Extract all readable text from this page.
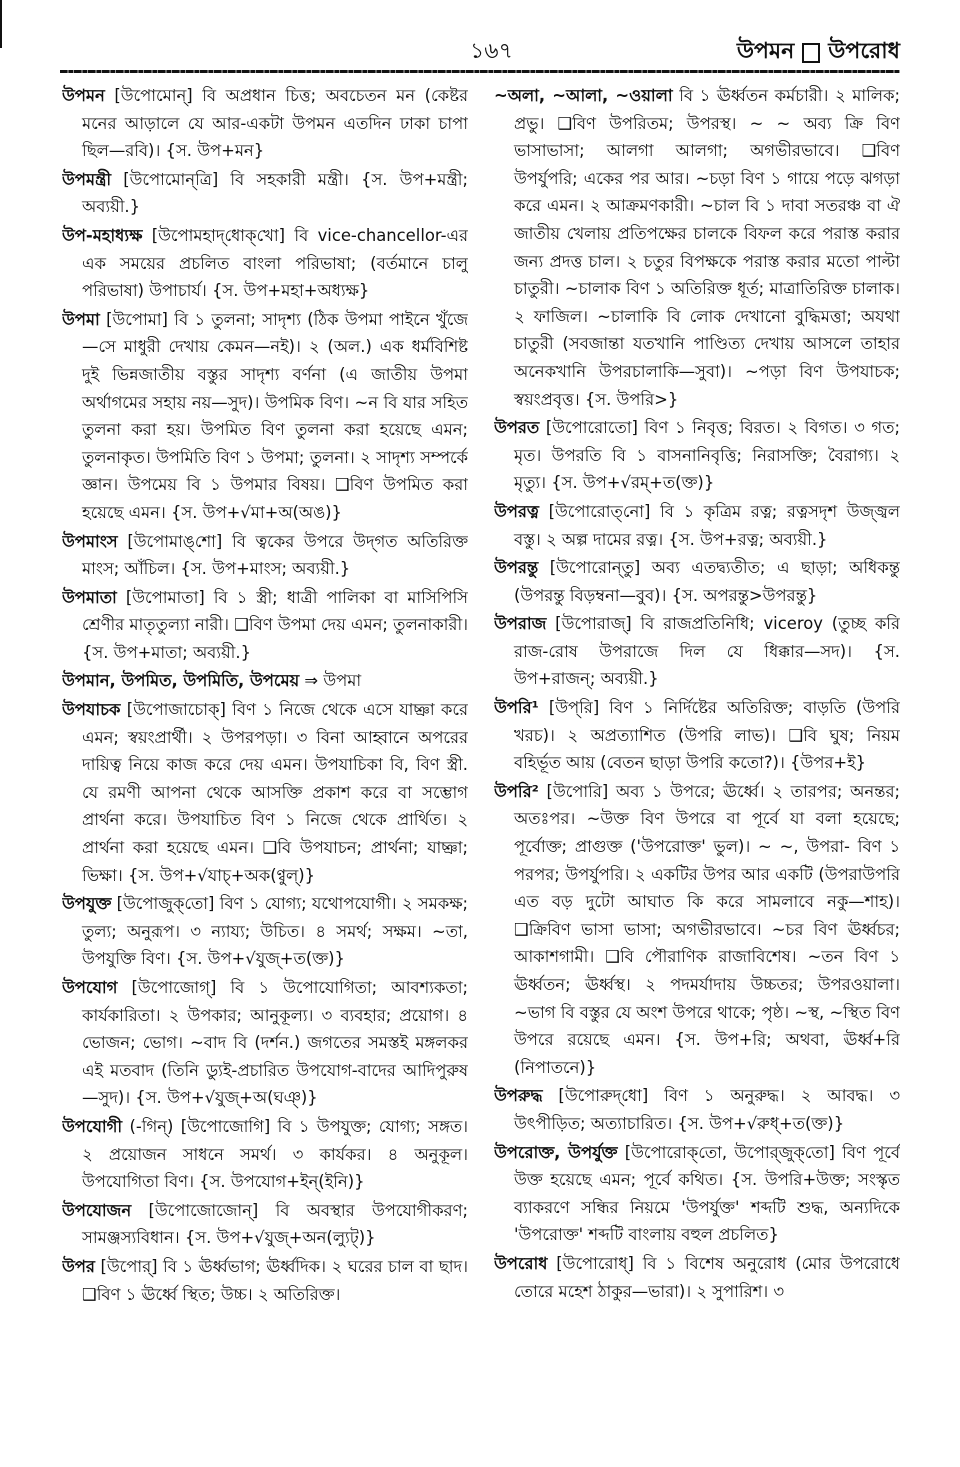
১৬৭	উপমন উপরোধ

উপমন [উপোমোন্] বি অপ্রধান চিত্ত; অবচেতন মন (কেষ্টর মনের আড়ালে যে আর-একটা উপমন এতদিন ঢাকা চাপা ছিল—রবি)। {স. উপ+মন}

উপমন্ত্রী [উপোমোন্‌ত্রি] বি সহকারী মন্ত্রী। {স. উপ+মন্ত্রী; অব্যয়ী.}

উপ-মহাধ্যক্ষ [উপোমহাদ্‌ধোক্‌খো] বি vice-chancellor-এর এক সময়ের প্রচলিত বাংলা পরিভাষা; (বর্তমানে চালু পরিভাষা) উপাচার্য। {স. উপ+মহা+অধ্যক্ষ}

উপমা [উপোমা] বি ১ তুলনা; সাদৃশ্য (ঠিক উপমা পাইনে খুঁজে—সে মাধুরী দেখায় কেমন—নই)। ২ (অল.) এক ধর্মবিশিষ্ট দুই ভিন্নজাতীয় বস্তুর সাদৃশ্য বর্ণনা (এ জাতীয় উপমা অর্থাগমের সহায় নয়—সুদ)। উপমিক বিণ। ~ন বি যার সহিত তুলনা করা হয়। উপমিত বিণ তুলনা করা হয়েছে এমন; তুলনাকৃত। উপমিতি বিণ ১ উপমা; তুলনা। ২ সাদৃশ্য সম্পর্কে জ্ঞান। উপমেয় বি ১ উপমার বিষয়। ❑বিণ উপমিত করা হয়েছে এমন। {স. উপ+√মা+অ(অঙ)}

উপমাংস [উপোমাঙ্‌শো] বি ত্বকের উপরে উদ্‌গত অতিরিক্ত মাংস; আঁচিল। {স. উপ+মাংস; অব্যয়ী.}

উপমাতা [উপোমাতা] বি ১ স্ত্রী; ধাত্রী পালিকা বা মাসিপিসি শ্রেণীর মাতৃতুল্যা নারী। ❑বিণ উপমা দেয় এমন; তুলনাকারী। {স. উপ+মাতা; অব্যয়ী.}

উপমান, উপমিত, উপমিতি, উপমেয় ⇒ উপমা

উপযাচক [উপোজাচোক্] বিণ ১ নিজে থেকে এসে যাচ্ঞা করে এমন; স্বয়ংপ্রার্থী। ২ উপরপড়া। ৩ বিনা আহ্বানে অপরের দায়িত্ব নিয়ে কাজ করে দেয় এমন। উপযাচিকা বি, বিণ স্ত্রী. যে রমণী আপনা থেকে আসক্তি প্রকাশ করে বা সম্ভোগ প্রার্থনা করে। উপযাচিত বিণ ১ নিজে থেকে প্রার্থিত। ২ প্রার্থনা করা হয়েছে এমন। ❑বি উপযাচন; প্রার্থনা; যাচ্ঞা; ভিক্ষা। {স. উপ+√যাচ্+অক(ণ্বুল্)}

উপযুক্ত [উপোজুক্‌তো] বিণ ১ যোগ্য; যথোপযোগী। ২ সমকক্ষ; তুল্য; অনুরূপ। ৩ ন্যায্য; উচিত। ৪ সমর্থ; সক্ষম। ~তা, উপযুক্তি বিণ। {স. উপ+√যুজ্+ত(ক্ত)}

উপযোগ [উপোজোগ্] বি ১ উপোযোগিতা; আবশ্যকতা; কার্যকারিতা। ২ উপকার; আনুকূল্য। ৩ ব্যবহার; প্রয়োগ। ৪ ভোজন; ভোগ। ~বাদ বি (দর্শন.) জগতের সমস্তই মঙ্গলকর এই মতবাদ (তিনি ড্যুই-প্রচারিত উপযোগ-বাদের আদিপুরুষ—সুদ)। {স. উপ+√যুজ্+অ(ঘঞ্)}

উপযোগী (-গিন্) [উপোজোগি] বি ১ উপযুক্ত; যোগ্য; সঙ্গত। ২ প্রয়োজন সাধনে সমর্থ। ৩ কার্যকর। ৪ অনুকূল। উপযোগিতা বিণ। {স. উপযোগ+ইন্(ইনি)}

উপযোজন [উপোজোজোন্] বি অবস্থার উপযোগীকরণ; সামঞ্জস্যবিধান। {স. উপ+√যুজ্+অন(ল্যুট্)}

উপর [উপোর্] বি ১ ঊর্ধ্বভাগ; ঊর্ধ্বদিক। ২ ঘরের চাল বা ছাদ। ❑বিণ ১ ঊর্ধ্বে স্থিত; উচ্চ। ২ অতিরিক্ত।

~অলা, ~আলা, ~ওয়ালা বি ১ ঊর্ধ্বতন কর্মচারী। ২ মালিক; প্রভু। ❑বিণ উপরিতম; উপরস্থ। ~ ~ অব্য ক্রি বিণ ভাসাভাসা; আলগা আলগা; অগভীরভাবে। ❑বিণ উপর্যুপরি; একের পর আর। ~চড়া বিণ ১ গায়ে পড়ে ঝগড়া করে এমন। ২ আক্রমণকারী। ~চাল বি ১ দাবা সতরঞ্চ বা ঐ জাতীয় খেলায় প্রতিপক্ষের চালকে বিফল করে পরাস্ত করার জন্য প্রদত্ত চাল। ২ চতুর বিপক্ষকে পরাস্ত করার মতো পাল্টা চাতুরী। ~চালাক বিণ ১ অতিরিক্ত ধূর্ত; মাত্রাতিরিক্ত চালাক। ২ ফাজিল। ~চালাকি বি লোক দেখানো বুদ্ধিমত্তা; অযথা চাতুরী (সবজান্তা যতখানি পাণ্ডিত্য দেখায় আসলে তাহার অনেকখানি উপরচালাকি—সুবা)। ~পড়া বিণ উপযাচক; স্বয়ংপ্রবৃত্ত। {স. উপরি>}

উপরত [উপোরোতো] বিণ ১ নিবৃত্ত; বিরত। ২ বিগত। ৩ গত; মৃত। উপরতি বি ১ বাসনানিবৃত্তি; নিরাসক্তি; বৈরাগ্য। ২ মৃত্যু। {স. উপ+√রম্+ত(ক্ত)}

উপরত্ন [উপোরোত্‌নো] বি ১ কৃত্রিম রত্ন; রত্নসদৃশ উজ্জ্বল বস্তু। ২ অল্প দামের রত্ন। {স. উপ+রত্ন; অব্যয়ী.}

উপরন্তু [উপোরোন্‌তু] অব্য এতদ্ব্যতীত; এ ছাড়া; অধিকন্তু (উপরন্তু বিড়ম্বনা—বুব)। {স. অপরন্তু>উপরন্তু}

উপরাজ [উপোরাজ্] বি রাজপ্রতিনিধি; viceroy (তুচ্ছ করি রাজ-রোষ উপরাজে দিল যে ধিক্কার—সদ)। {স. উপ+রাজন্; অব্যয়ী.}

উপরি¹ [উপ্‌রি] বিণ ১ নির্দিষ্টের অতিরিক্ত; বাড়তি (উপরি খরচ)। ২ অপ্রত্যাশিত (উপরি লাভ)। ❑বি ঘুষ; নিয়ম বহির্ভূত আয় (বেতন ছাড়া উপরি কতো?)। {উপর+ই}

উপরি² [উপোরি] অব্য ১ উপরে; ঊর্ধ্বে। ২ তারপর; অনন্তর; অতঃপর। ~উক্ত বিণ উপরে বা পূর্বে যা বলা হয়েছে; পূর্বোক্ত; প্রাগুক্ত ('উপরোক্ত' ভুল)। ~ ~, উপরা- বিণ ১ পরপর; উপর্যুপরি। ২ একটির উপর আর একটি (উপরাউপরি এত বড় দুটো আঘাত কি করে সামলাবে নকু—শাহ)। ❑ক্রিবিণ ভাসা ভাসা; অগভীরভাবে। ~চর বিণ ঊর্ধ্বচর; আকাশগামী। ❑বি পৌরাণিক রাজাবিশেষ। ~তন বিণ ১ ঊর্ধ্বতন; ঊর্ধ্বস্থ। ২ পদমর্যাদায় উচ্চতর; উপরওয়ালা। ~ভাগ বি বস্তুর যে অংশ উপরে থাকে; পৃষ্ঠ। ~স্থ, ~স্থিত বিণ উপরে রয়েছে এমন। {স. উপ+রি; অথবা, ঊর্ধ্ব+রি (নিপাতনে)}

উপরুদ্ধ [উপোরুদ্‌ধো] বিণ ১ অনুরুদ্ধ। ২ আবদ্ধ। ৩ উৎপীড়িত; অত্যাচারিত। {স. উপ+√রুধ্+ত(ক্ত)}

উপরোক্ত, উপর্যুক্ত [উপোরোক্‌তো, উপোর্‌জুক্‌তো] বিণ পূর্বে উক্ত হয়েছে এমন; পূর্বে কথিত। {স. উপরি+উক্ত; সংস্কৃত ব্যাকরণে সন্ধির নিয়মে 'উপর্যুক্ত' শব্দটি শুদ্ধ, অন্যদিকে 'উপরোক্ত' শব্দটি বাংলায় বহুল প্রচলিত}

উপরোধ [উপোরোধ্] বি ১ বিশেষ অনুরোধ (মোর উপরোধে তোরে মহেশ ঠাকুর—ভারা)। ২ সুপারিশ। ৩
